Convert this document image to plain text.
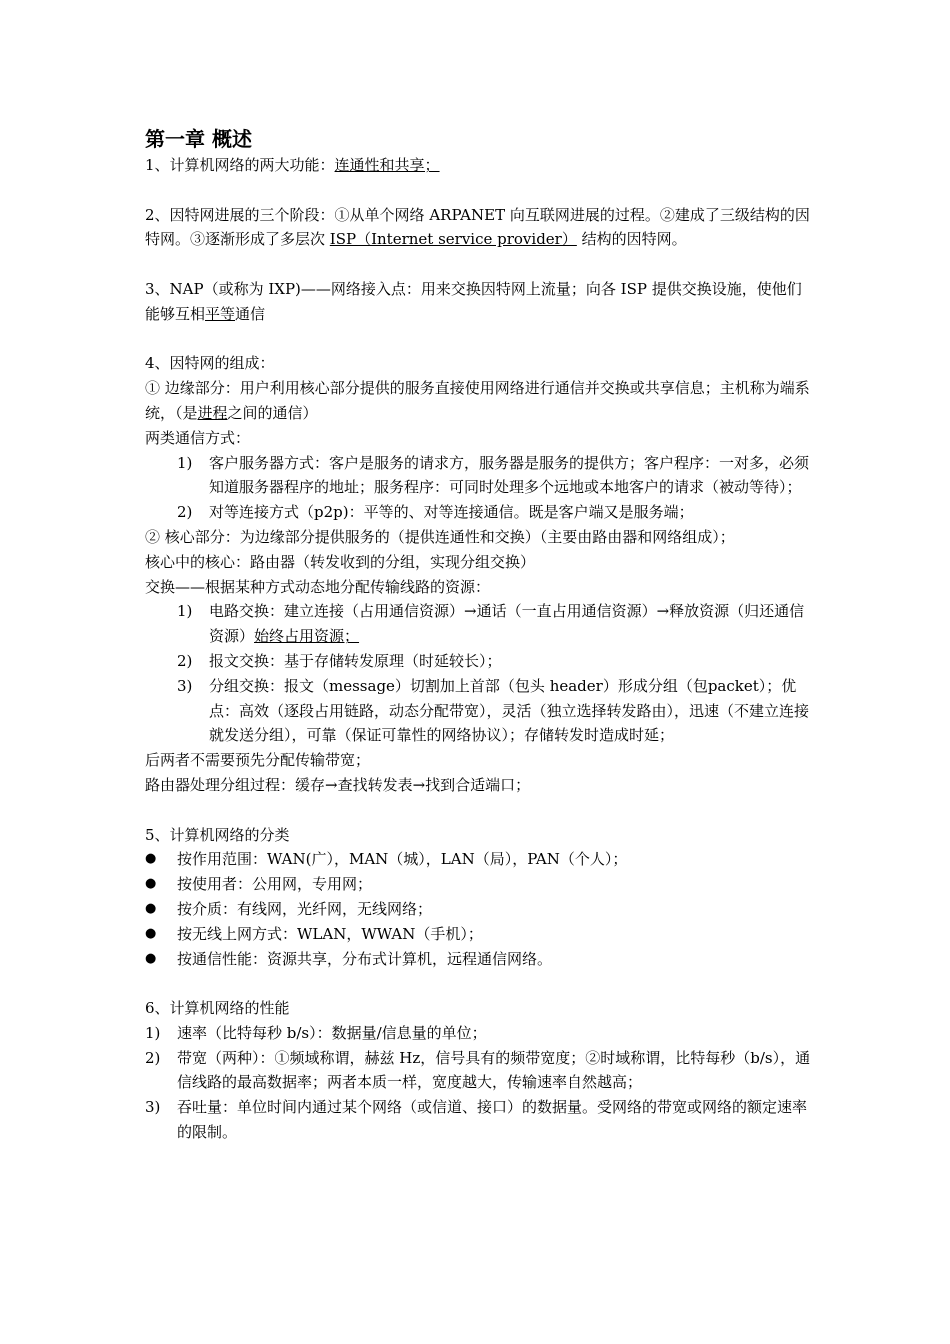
第一章 概述

1、计算机网络的两大功能：连通性和共享；

2、因特网进展的三个阶段：①从单个网络 ARPANET 向互联网进展的过程。②建成了三级结构的因特网。③逐渐形成了多层次 ISP（Internet service provider） 结构的因特网。

3、NAP（或称为 IXP)——网络接入点：用来交换因特网上流量；向各 ISP 提供交换设施，使他们能够互相平等通信

4、因特网的组成：

① 边缘部分：用户利用核心部分提供的服务直接使用网络进行通信并交换或共享信息；主机称为端系统，（是进程之间的通信）

两类通信方式：

1)	客户服务器方式：客户是服务的请求方，服务器是服务的提供方；客户程序：一对多，必须知道服务器程序的地址；服务程序：可同时处理多个远地或本地客户的请求（被动等待）；
2)	对等连接方式（p2p)：平等的、对等连接通信。既是客户端又是服务端；

② 核心部分：为边缘部分提供服务的（提供连通性和交换）（主要由路由器和网络组成）；

核心中的核心：路由器（转发收到的分组，实现分组交换）

交换——根据某种方式动态地分配传输线路的资源：

1)	电路交换：建立连接（占用通信资源）→通话（一直占用通信资源）→释放资源（归还通信资源）始终占用资源；
2)	报文交换：基于存储转发原理（时延较长）；
3)	分组交换：报文（message）切割加上首部（包头 header）形成分组（包packet）；优点：高效（逐段占用链路，动态分配带宽），灵活（独立选择转发路由），迅速（不建立连接就发送分组），可靠（保证可靠性的网络协议）；存储转发时造成时延；

后两者不需要预先分配传输带宽；

路由器处理分组过程：缓存→查找转发表→找到合适端口；

5、计算机网络的分类

●	按作用范围：WAN(广），MAN（城），LAN（局），PAN（个人）；
●	按使用者：公用网，专用网；
●	按介质：有线网，光纤网，无线网络；
●	按无线上网方式：WLAN，WWAN（手机）；
●	按通信性能：资源共享，分布式计算机，远程通信网络。

6、计算机网络的性能

1)	速率（比特每秒 b/s）：数据量/信息量的单位；
2)	带宽（两种）：①频域称谓，赫兹 Hz，信号具有的频带宽度；②时域称谓，比特每秒（b/s），通信线路的最高数据率；两者本质一样，宽度越大，传输速率自然越高；
3)	吞吐量：单位时间内通过某个网络（或信道、接口）的数据量。受网络的带宽或网络的额定速率的限制。
